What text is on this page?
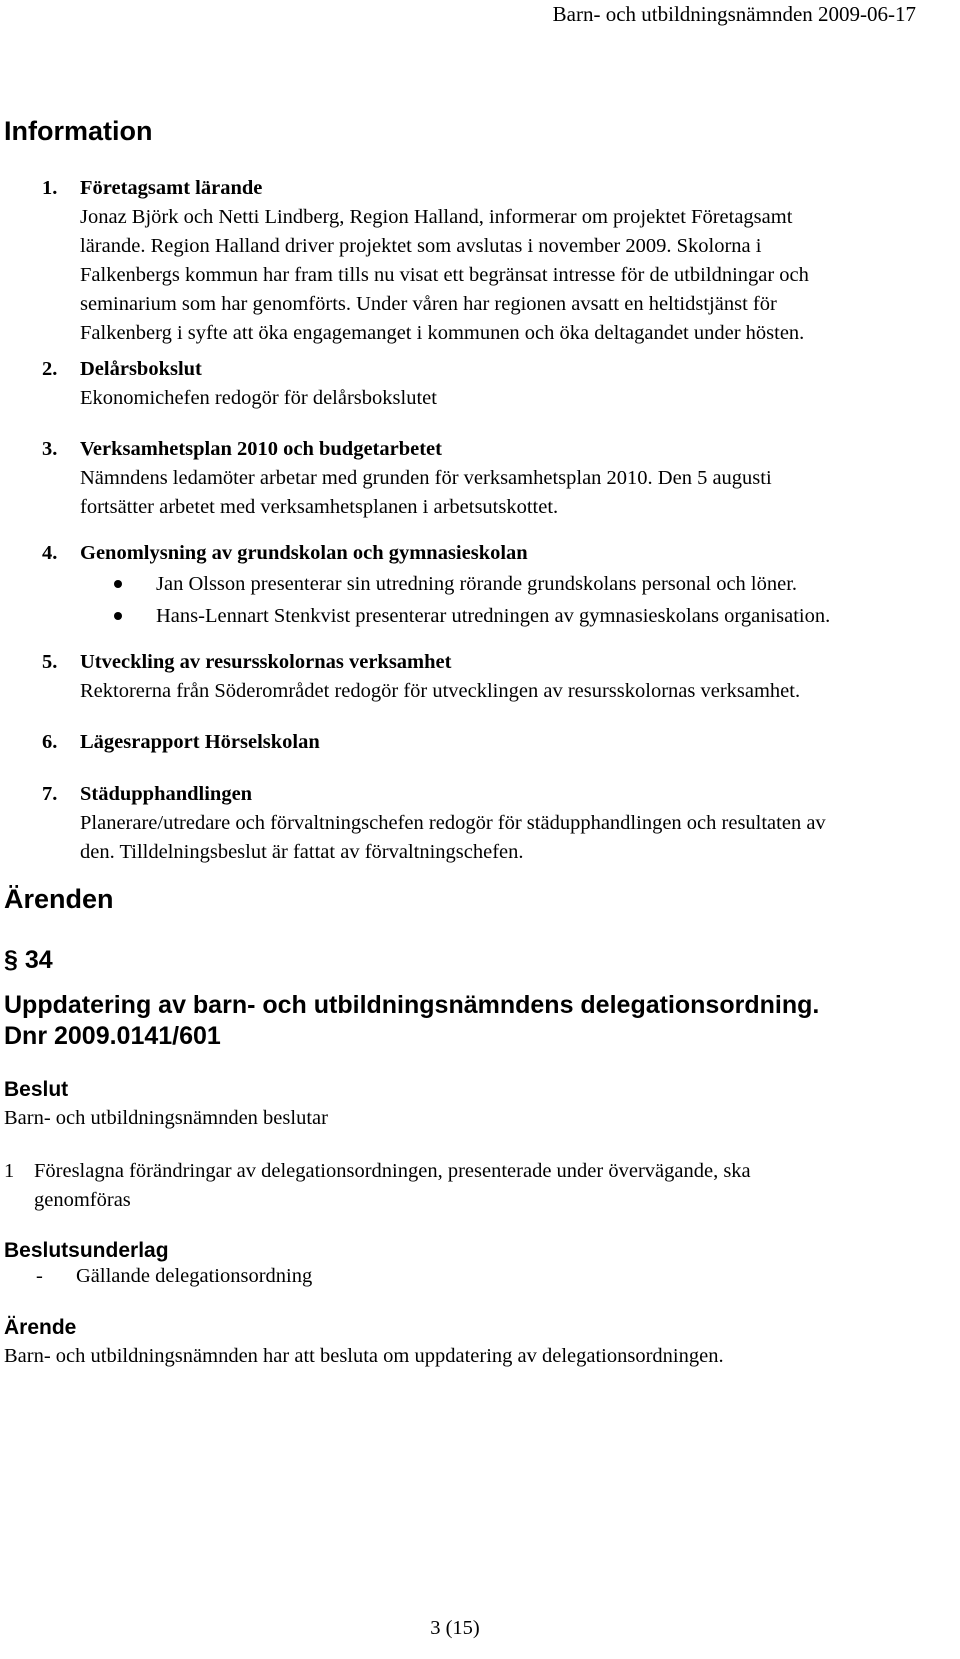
Barn- och utbildningsnämnden 2009-06-17
Information
1. Företagsamt lärande

Jonaz Björk och Netti Lindberg, Region Halland, informerar om projektet Företagsamt

lärande. Region Halland driver projektet som avslutas i november 2009. Skolorna i

Falkenbergs kommun har fram tills nu visat ett begränsat intresse för de utbildningar och

seminarium som har genomförts. Under våren har regionen avsatt en heltidstjänst för

Falkenberg i syfte att öka engagemanget i kommunen och öka deltagandet under hösten.

2. Delårsbokslut

Ekonomichefen redogör för delårsbokslutet

3. Verksamhetsplan 2010 och budgetarbetet

Nämndens ledamöter arbetar med grunden för verksamhetsplan 2010. Den 5 augusti

fortsätter arbetet med verksamhetsplanen i arbetsutskottet.

4. Genomlysning av grundskolan och gymnasieskolan
Jan Olsson presenterar sin utredning rörande grundskolans personal och löner.
Hans-Lennart Stenkvist presenterar utredningen av gymnasieskolans organisation.
5. Utveckling av resursskolornas verksamhet

Rektorerna från Söderområdet redogör för utvecklingen av resursskolornas verksamhet.

6. Lägesrapport Hörselskolan
7. Städupphandlingen

Planerare/utredare och förvaltningschefen redogör för städupphandlingen och resultaten av

den. Tilldelningsbeslut är fattat av förvaltningschefen.

Ärenden
§ 34

Uppdatering av barn- och utbildningsnämndens delegationsordning.

Dnr 2009.0141/601

Beslut

Barn- och utbildningsnämnden beslutar

1 Föreslagna förändringar av delegationsordningen, presenterade under övervägande, ska
genomföras
Beslutsunderlag
- Gällande delegationsordning
Ärende

Barn- och utbildningsnämnden har att besluta om uppdatering av delegationsordningen.

3 (15)
